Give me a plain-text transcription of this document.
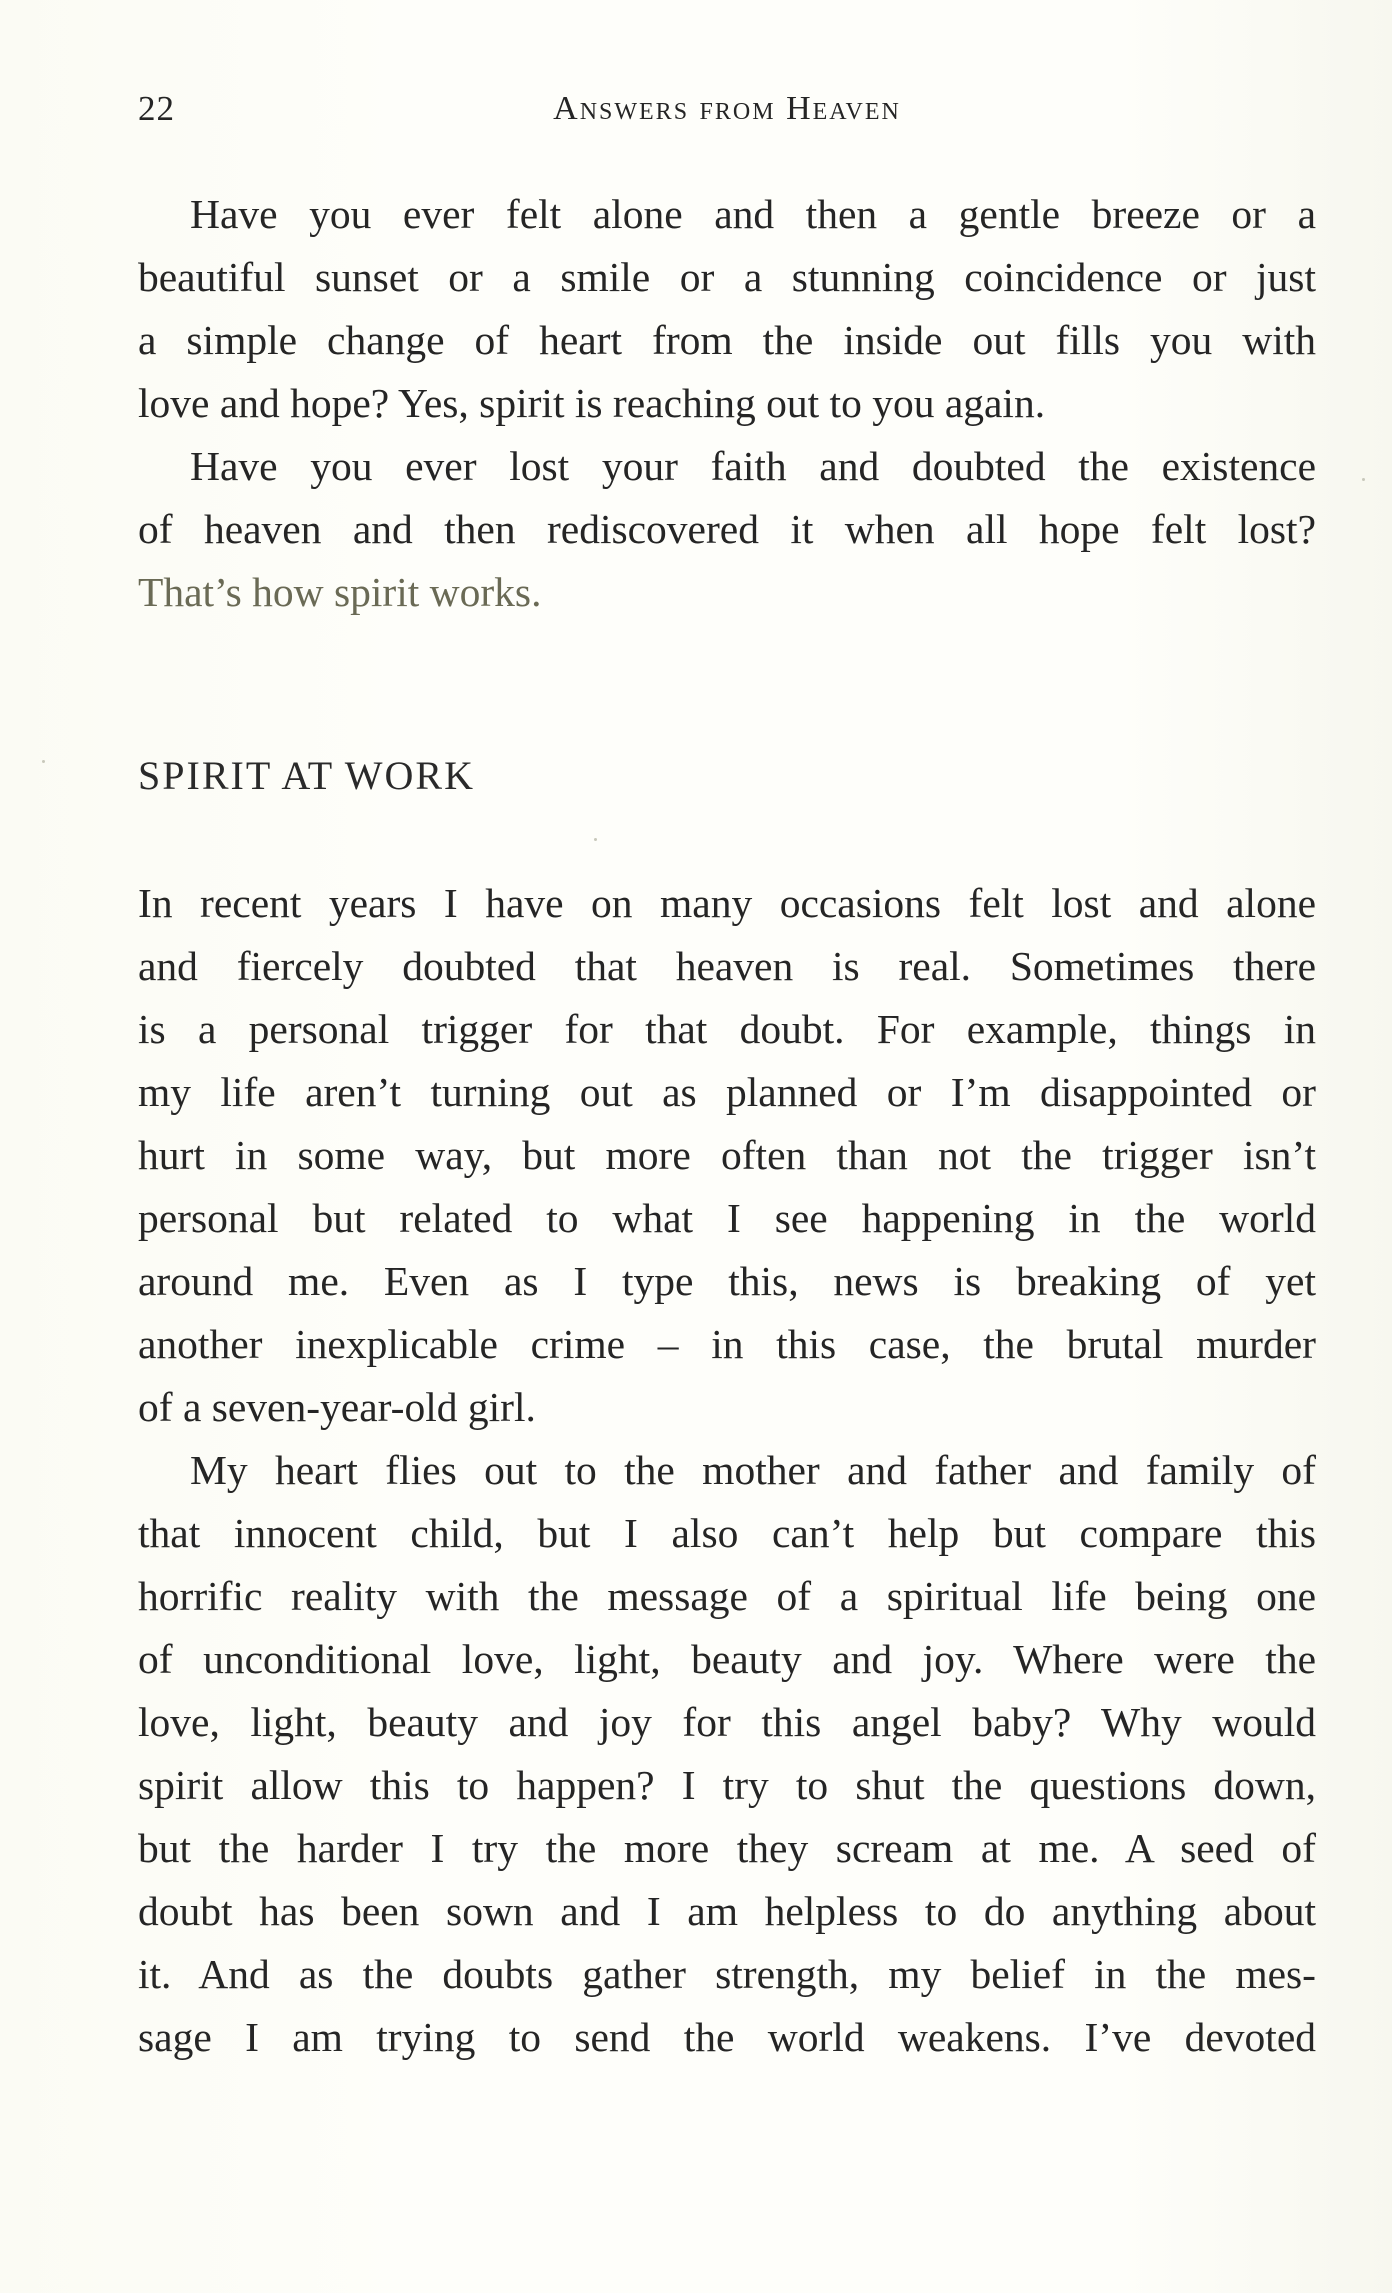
22	Answers from Heaven
Have you ever felt alone and then a gentle breeze or a
beautiful sunset or a smile or a stunning coincidence or just
a simple change of heart from the inside out fills you with
love and hope? Yes, spirit is reaching out to you again.
Have you ever lost your faith and doubted the existence
of heaven and then rediscovered it when all hope felt lost?
That’s how spirit works.
SPIRIT AT WORK
In recent years I have on many occasions felt lost and alone
and fiercely doubted that heaven is real. Sometimes there
is a personal trigger for that doubt. For example, things in
my life aren’t turning out as planned or I’m disappointed or
hurt in some way, but more often than not the trigger isn’t
personal but related to what I see happening in the world
around me. Even as I type this, news is breaking of yet
another inexplicable crime – in this case, the brutal murder
of a seven-year-old girl.
My heart flies out to the mother and father and family of
that innocent child, but I also can’t help but compare this
horrific reality with the message of a spiritual life being one
of unconditional love, light, beauty and joy. Where were the
love, light, beauty and joy for this angel baby? Why would
spirit allow this to happen? I try to shut the questions down,
but the harder I try the more they scream at me. A seed of
doubt has been sown and I am helpless to do anything about
it. And as the doubts gather strength, my belief in the mes-
sage I am trying to send the world weakens. I’ve devoted
